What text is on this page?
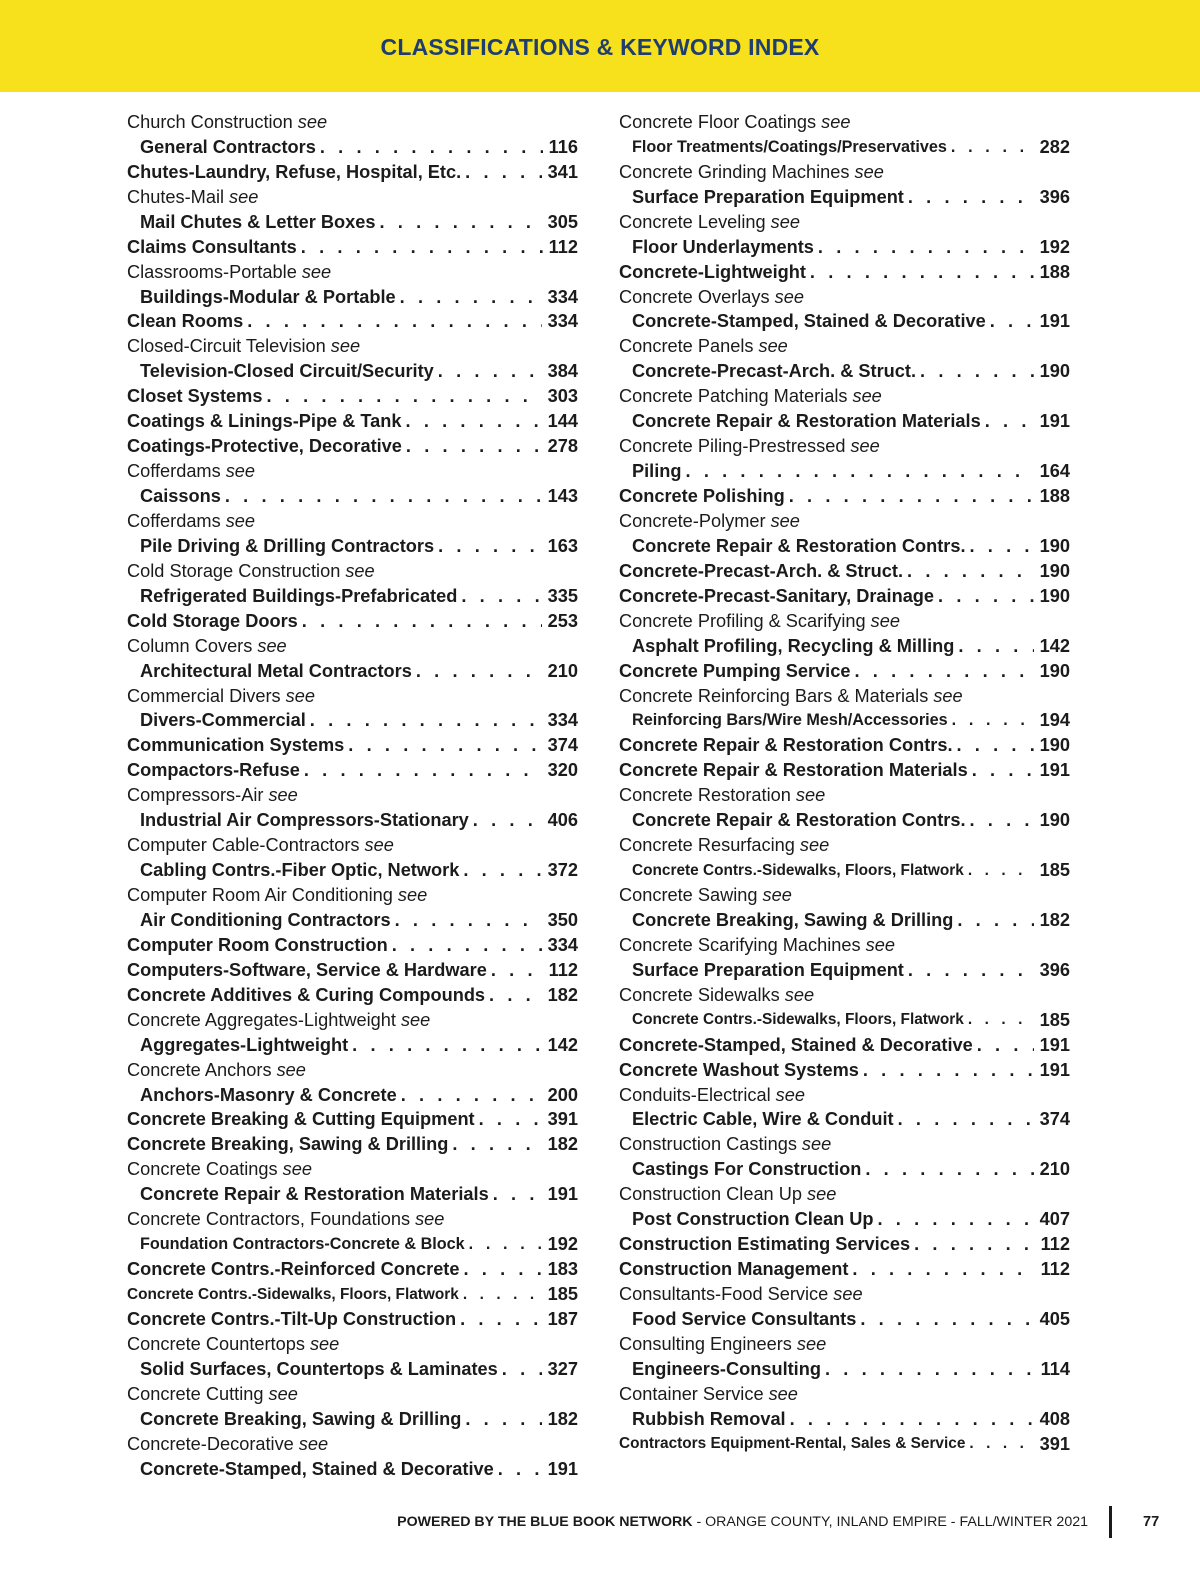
CLASSIFICATIONS & KEYWORD INDEX
Church Construction see
General Contractors . . .	116
Chutes-Laundry, Refuse, Hospital, Etc. . . .	341
Chutes-Mail see
Mail Chutes & Letter Boxes . . .	305
Claims Consultants . . .	112
Classrooms-Portable see
Buildings-Modular & Portable . . .	334
Clean Rooms . . .	334
Closed-Circuit Television see
Television-Closed Circuit/Security . . .	384
Closet Systems . . .	303
Coatings & Linings-Pipe & Tank . . .	144
Coatings-Protective, Decorative . . .	278
Cofferdams see
Caissons . . .	143
Cofferdams see
Pile Driving & Drilling Contractors . . .	163
Cold Storage Construction see
Refrigerated Buildings-Prefabricated . . .	335
Cold Storage Doors . . .	253
Column Covers see
Architectural Metal Contractors . . .	210
Commercial Divers see
Divers-Commercial . . .	334
Communication Systems . . .	374
Compactors-Refuse . . .	320
Compressors-Air see
Industrial Air Compressors-Stationary . . .	406
Computer Cable-Contractors see
Cabling Contrs.-Fiber Optic, Network . . .	372
Computer Room Air Conditioning see
Air Conditioning Contractors . . .	350
Computer Room Construction . . .	334
Computers-Software, Service & Hardware . . .	112
Concrete Additives & Curing Compounds . . .	182
Concrete Aggregates-Lightweight see
Aggregates-Lightweight . . .	142
Concrete Anchors see
Anchors-Masonry & Concrete . . .	200
Concrete Breaking & Cutting Equipment . . .	391
Concrete Breaking, Sawing & Drilling . . .	182
Concrete Coatings see
Concrete Repair & Restoration Materials . . .	191
Concrete Contractors, Foundations see
Foundation Contractors-Concrete & Block . . .	192
Concrete Contrs.-Reinforced Concrete . . .	183
Concrete Contrs.-Sidewalks, Floors, Flatwork . . .	185
Concrete Contrs.-Tilt-Up Construction . . .	187
Concrete Countertops see
Solid Surfaces, Countertops & Laminates . . .	327
Concrete Cutting see
Concrete Breaking, Sawing & Drilling . . .	182
Concrete-Decorative see
Concrete-Stamped, Stained & Decorative . . .	191
Concrete Floor Coatings see
Floor Treatments/Coatings/Preservatives . . .	282
Concrete Grinding Machines see
Surface Preparation Equipment . . .	396
Concrete Leveling see
Floor Underlayments . . .	192
Concrete-Lightweight . . .	188
Concrete Overlays see
Concrete-Stamped, Stained & Decorative . . .	191
Concrete Panels see
Concrete-Precast-Arch. & Struct. . . .	190
Concrete Patching Materials see
Concrete Repair & Restoration Materials . . .	191
Concrete Piling-Prestressed see
Piling . . .	164
Concrete Polishing . . .	188
Concrete-Polymer see
Concrete Repair & Restoration Contrs. . . .	190
Concrete-Precast-Arch. & Struct. . . .	190
Concrete-Precast-Sanitary, Drainage . . .	190
Concrete Profiling & Scarifying see
Asphalt Profiling, Recycling & Milling . . .	142
Concrete Pumping Service . . .	190
Concrete Reinforcing Bars & Materials see
Reinforcing Bars/Wire Mesh/Accessories . . .	194
Concrete Repair & Restoration Contrs. . . .	190
Concrete Repair & Restoration Materials . . .	191
Concrete Restoration see
Concrete Repair & Restoration Contrs. . . .	190
Concrete Resurfacing see
Concrete Contrs.-Sidewalks, Floors, Flatwork . . .	185
Concrete Sawing see
Concrete Breaking, Sawing & Drilling . . .	182
Concrete Scarifying Machines see
Surface Preparation Equipment . . .	396
Concrete Sidewalks see
Concrete Contrs.-Sidewalks, Floors, Flatwork . . .	185
Concrete-Stamped, Stained & Decorative . . .	191
Concrete Washout Systems . . .	191
Conduits-Electrical see
Electric Cable, Wire & Conduit . . .	374
Construction Castings see
Castings For Construction . . .	210
Construction Clean Up see
Post Construction Clean Up . . .	407
Construction Estimating Services . . .	112
Construction Management . . .	112
Consultants-Food Service see
Food Service Consultants . . .	405
Consulting Engineers see
Engineers-Consulting . . .	114
Container Service see
Rubbish Removal . . .	408
Contractors Equipment-Rental, Sales & Service . . .	391
POWERED BY THE BLUE BOOK NETWORK - ORANGE COUNTY, INLAND EMPIRE - FALL/WINTER 2021	77
